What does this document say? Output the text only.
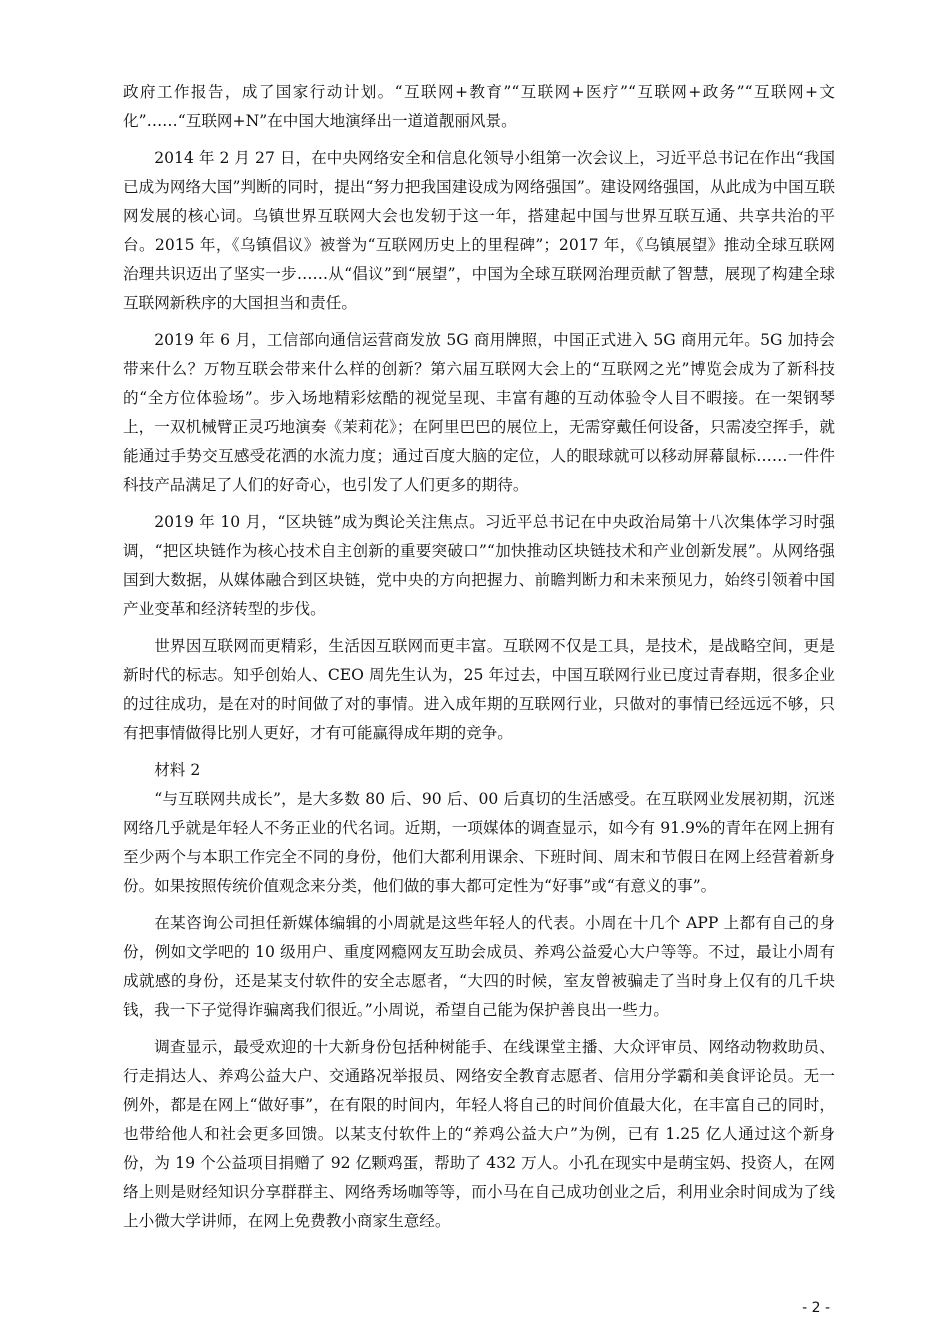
政府工作报告，成了国家行动计划。“互联网+教育”“互联网+医疗”“互联网+政务”“互联网+文化”……“互联网+N”在中国大地演绎出一道道靓丽风景。

2014 年 2 月 27 日，在中央网络安全和信息化领导小组第一次会议上，习近平总书记在作出“我国已成为网络大国”判断的同时，提出“努力把我国建设成为网络强国”。建设网络强国，从此成为中国互联网发展的核心词。乌镇世界互联网大会也发轫于这一年，搭建起中国与世界互联互通、共享共治的平台。2015 年，《乌镇倡议》被誉为“互联网历史上的里程碑”；2017 年，《乌镇展望》推动全球互联网治理共识迈出了坚实一步……从“倡议”到“展望”，中国为全球互联网治理贡献了智慧，展现了构建全球互联网新秩序的大国担当和责任。

2019 年 6 月，工信部向通信运营商发放 5G 商用牌照，中国正式进入 5G 商用元年。5G 加持会带来什么？万物互联会带来什么样的创新？第六届互联网大会上的“互联网之光”博览会成为了新科技的“全方位体验场”。步入场地精彩炫酷的视觉呈现、丰富有趣的互动体验令人目不暇接。在一架钢琴上，一双机械臂正灵巧地演奏《茉莉花》；在阿里巴巴的展位上，无需穿戴任何设备，只需凌空挥手，就能通过手势交互感受花洒的水流力度；通过百度大脑的定位，人的眼球就可以移动屏幕鼠标……一件件科技产品满足了人们的好奇心，也引发了人们更多的期待。

2019 年 10 月，“区块链”成为舆论关注焦点。习近平总书记在中央政治局第十八次集体学习时强调，“把区块链作为核心技术自主创新的重要突破口”“加快推动区块链技术和产业创新发展”。从网络强国到大数据，从媒体融合到区块链，党中央的方向把握力、前瞻判断力和未来预见力，始终引领着中国产业变革和经济转型的步伐。

世界因互联网而更精彩，生活因互联网而更丰富。互联网不仅是工具，是技术，是战略空间，更是新时代的标志。知乎创始人、CEO 周先生认为，25 年过去，中国互联网行业已度过青春期，很多企业的过往成功，是在对的时间做了对的事情。进入成年期的互联网行业，只做对的事情已经远远不够，只有把事情做得比别人更好，才有可能赢得成年期的竞争。

材料 2

“与互联网共成长”，是大多数 80 后、90 后、00 后真切的生活感受。在互联网业发展初期，沉迷网络几乎就是年轻人不务正业的代名词。近期，一项媒体的调查显示，如今有 91.9%的青年在网上拥有至少两个与本职工作完全不同的身份，他们大都利用课余、下班时间、周末和节假日在网上经营着新身份。如果按照传统价值观念来分类，他们做的事大都可定性为“好事”或“有意义的事”。

在某咨询公司担任新媒体编辑的小周就是这些年轻人的代表。小周在十几个 APP 上都有自己的身份，例如文学吧的 10 级用户、重度网瘾网友互助会成员、养鸡公益爱心大户等等。不过，最让小周有成就感的身份，还是某支付软件的安全志愿者，“大四的时候，室友曾被骗走了当时身上仅有的几千块钱，我一下子觉得诈骗离我们很近。”小周说，希望自己能为保护善良出一些力。

调查显示，最受欢迎的十大新身份包括种树能手、在线课堂主播、大众评审员、网络动物救助员、行走捐达人、养鸡公益大户、交通路况举报员、网络安全教育志愿者、信用分学霸和美食评论员。无一例外，都是在网上“做好事”，在有限的时间内，年轻人将自己的时间价值最大化，在丰富自己的同时，也带给他人和社会更多回馈。以某支付软件上的“养鸡公益大户”为例，已有 1.25 亿人通过这个新身份，为 19 个公益项目捐赠了 92 亿颗鸡蛋，帮助了 432 万人。小孔在现实中是萌宝妈、投资人，在网络上则是财经知识分享群群主、网络秀场咖等等，而小马在自己成功创业之后，利用业余时间成为了线上小微大学讲师，在网上免费教小商家生意经。

- 2 -
